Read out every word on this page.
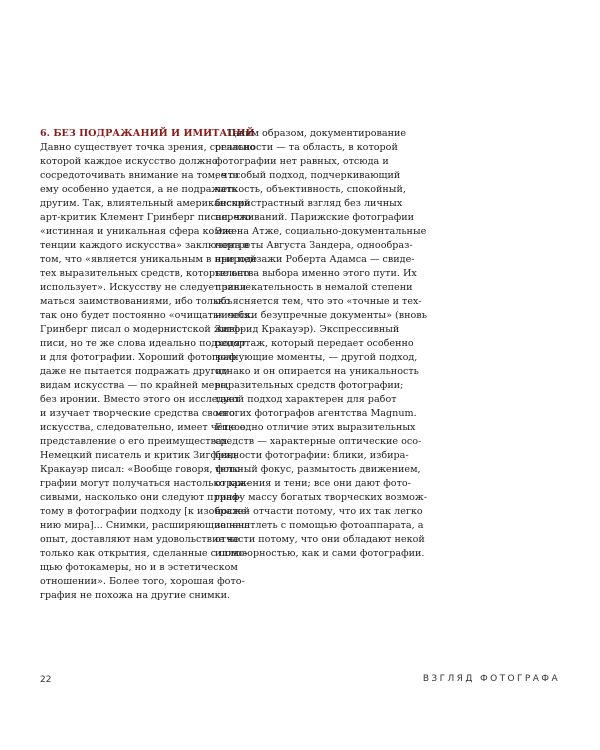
6. БЕЗ ПОДРАЖАНИЙ И ИМИТАЦИЙ
Давно существует точка зрения, согласно
которой каждое искусство должно
сосредоточивать внимание на том, что
ему особенно удается, а не подражать
другим. Так, влиятельный американский
арт-критик Клемент Гринберг писал, что
«истинная и уникальная сфера компе-
тенции каждого искусства» заключена в
том, что «является уникальным в природе
тех выразительных средств, которые оно
использует». Искусству не следует зани-
маться заимствованиями, ибо только
так оно будет постоянно «очищать» себя.
Гринберг писал о модернистской живо-
писи, но те же слова идеально подходят
и для фотографии. Хороший фотограф
даже не пытается подражать другим
видам искусства — по крайней мере,
без иронии. Вместо этого он исследует
и изучает творческие средства своего
искусства, следовательно, имеет четкое
представление о его преимуществах.
Немецкий писатель и критик Зигфрид
Кракауэр писал: «Вообще говоря, фото-
графии могут получаться настолько кра-
сивыми, насколько они следуют приня-
тому в фотографии подходу [к изображе-
нию мира]... Снимки, расширяющие наш
опыт, доставляют нам удовольствие не
только как открытия, сделанные с помо-
щью фотокамеры, но и в эстетическом
отношении». Более того, хорошая фото-
графия не похожа на другие снимки.
Таким образом, документирование
реальности — та область, в которой
фотографии нет равных, отсюда и
ее особый подход, подчеркивающий
четкость, объективность, спокойный,
беспристрастный взгляд без личных
переживаний. Парижские фотографии
Эжена Атже, социально-документальные
портреты Августа Зандера, однообраз-
ные пейзажи Роберта Адамса — свиде-
тельства выбора именно этого пути. Их
привлекательность в немалой степени
объясняется тем, что это «точные и тех-
нически безупречные документы» (вновь
Зигфрид Кракауэр). Экспрессивный
репортаж, который передает особенно
волнующие моменты, — другой подход,
однако и он опирается на уникальность
выразительных средств фотографии;
такой подход характерен для работ
многих фотографов агентства Magnum.
Еще одно отличие этих выразительных
средств — характерные оптические осо-
бенности фотографии: блики, избира-
тельный фокус, размытость движением,
отражения и тени; все они дают фото-
графу массу богатых творческих возмож-
ностей отчасти потому, что их так легко
запечатлеть с помощью фотоаппарата, а
отчасти потому, что они обладают некой
иллюзорностью, как и сами фотографии.
22	ВЗГЛЯД ФОТОГРАФА
